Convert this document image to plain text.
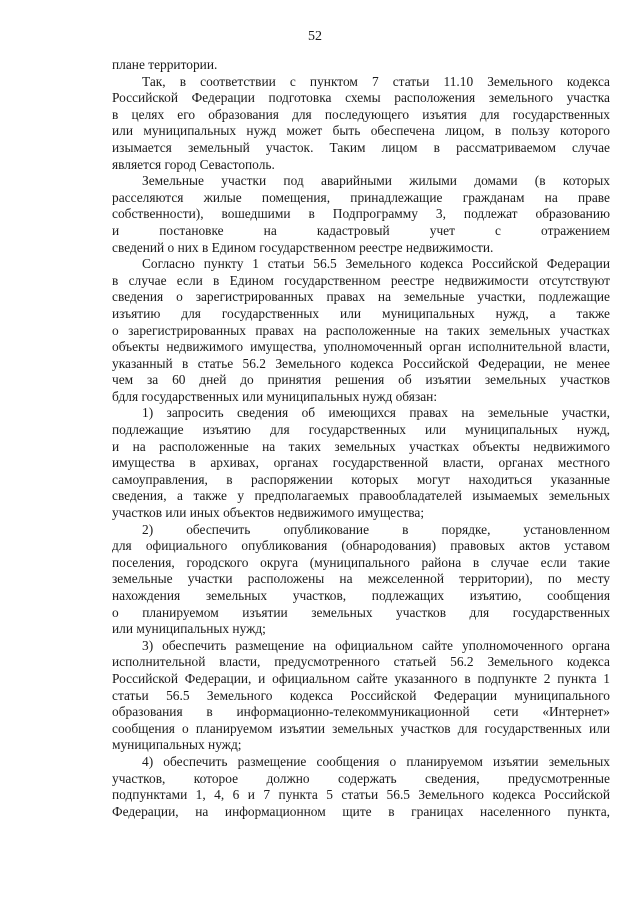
52

плане территории.

Так, в соответствии с пунктом 7 статьи 11.10 Земельного кодекса

Российской Федерации подготовка схемы расположения земельного участка

в целях его образования для последующего изъятия для государственных

или муниципальных нужд может быть обеспечена лицом, в пользу которого

изымается земельный участок. Таким лицом в рассматриваемом случае

является город Севастополь.

Земельные участки под аварийными жилыми домами (в которых

расселяются жилые помещения, принадлежащие гражданам на праве

собственности), вошедшими в Подпрограмму 3, подлежат образованию

и постановке на кадастровый учет с отражением

сведений о них в Едином государственном реестре недвижимости.

Согласно пункту 1 статьи 56.5 Земельного кодекса Российской Федерации

в случае если в Едином государственном реестре недвижимости отсутствуют

сведения о зарегистрированных правах на земельные участки, подлежащие

изъятию для государственных или муниципальных нужд, а также

о зарегистрированных правах на расположенные на таких земельных участках

объекты недвижимого имущества, уполномоченный орган исполнительной власти,

указанный в статье 56.2 Земельного кодекса Российской Федерации, не менее

чем за 60 дней до принятия решения об изъятии земельных участков

бдля государственных или муниципальных нужд обязан:

1) запросить сведения об имеющихся правах на земельные участки,

подлежащие изъятию для государственных или муниципальных нужд,

и на расположенные на таких земельных участках объекты недвижимого

имущества в архивах, органах государственной власти, органах местного

самоуправления, в распоряжении которых могут находиться указанные

сведения, а также у предполагаемых правообладателей изымаемых земельных

участков или иных объектов недвижимого имущества;

2) обеспечить опубликование в порядке, установленном

для официального опубликования (обнародования) правовых актов уставом

поселения, городского округа (муниципального района в случае если такие

земельные участки расположены на межселенной территории), по месту

нахождения земельных участков, подлежащих изъятию, сообщения

о планируемом изъятии земельных участков для государственных

или муниципальных нужд;

3) обеспечить размещение на официальном сайте уполномоченного органа

исполнительной власти, предусмотренного статьей 56.2 Земельного кодекса

Российской Федерации, и официальном сайте указанного в подпункте 2 пункта 1

статьи 56.5 Земельного кодекса Российской Федерации муниципального

образования в информационно-телекоммуникационной сети «Интернет»

сообщения о планируемом изъятии земельных участков для государственных или

муниципальных нужд;

4) обеспечить размещение сообщения о планируемом изъятии земельных

участков, которое должно содержать сведения, предусмотренные

подпунктами 1, 4, 6 и 7 пункта 5 статьи 56.5 Земельного кодекса Российской

Федерации, на информационном щите в границах населенного пункта,
